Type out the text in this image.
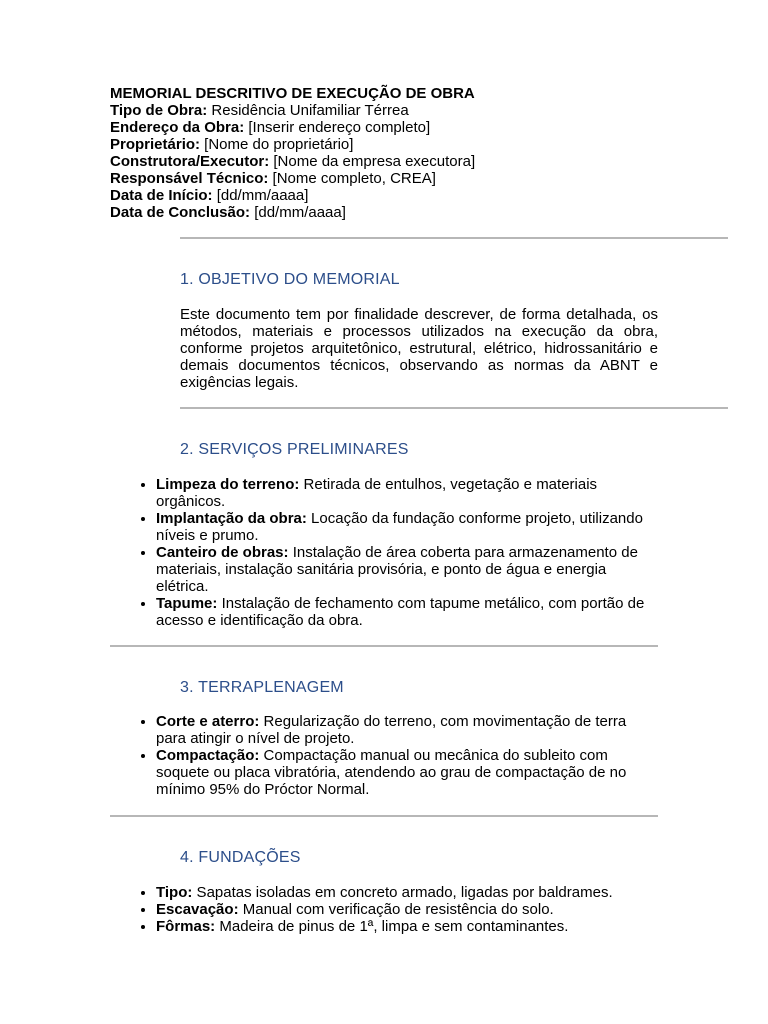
MEMORIAL DESCRITIVO DE EXECUÇÃO DE OBRA
Tipo de Obra: Residência Unifamiliar Térrea
Endereço da Obra: [Inserir endereço completo]
Proprietário: [Nome do proprietário]
Construtora/Executor: [Nome da empresa executora]
Responsável Técnico: [Nome completo, CREA]
Data de Início: [dd/mm/aaaa]
Data de Conclusão: [dd/mm/aaaa]
1. OBJETIVO DO MEMORIAL
Este documento tem por finalidade descrever, de forma detalhada, os métodos, materiais e processos utilizados na execução da obra, conforme projetos arquitetônico, estrutural, elétrico, hidrossanitário e demais documentos técnicos, observando as normas da ABNT e exigências legais.
2. SERVIÇOS PRELIMINARES
• Limpeza do terreno: Retirada de entulhos, vegetação e materiais orgânicos.
• Implantação da obra: Locação da fundação conforme projeto, utilizando níveis e prumo.
• Canteiro de obras: Instalação de área coberta para armazenamento de materiais, instalação sanitária provisória, e ponto de água e energia elétrica.
• Tapume: Instalação de fechamento com tapume metálico, com portão de acesso e identificação da obra.
3. TERRAPLENAGEM
• Corte e aterro: Regularização do terreno, com movimentação de terra para atingir o nível de projeto.
• Compactação: Compactação manual ou mecânica do subleito com soquete ou placa vibratória, atendendo ao grau de compactação de no mínimo 95% do Próctor Normal.
4. FUNDAÇÕES
• Tipo: Sapatas isoladas em concreto armado, ligadas por baldrames.
• Escavação: Manual com verificação de resistência do solo.
• Fôrmas: Madeira de pinus de 1ª, limpa e sem contaminantes.
